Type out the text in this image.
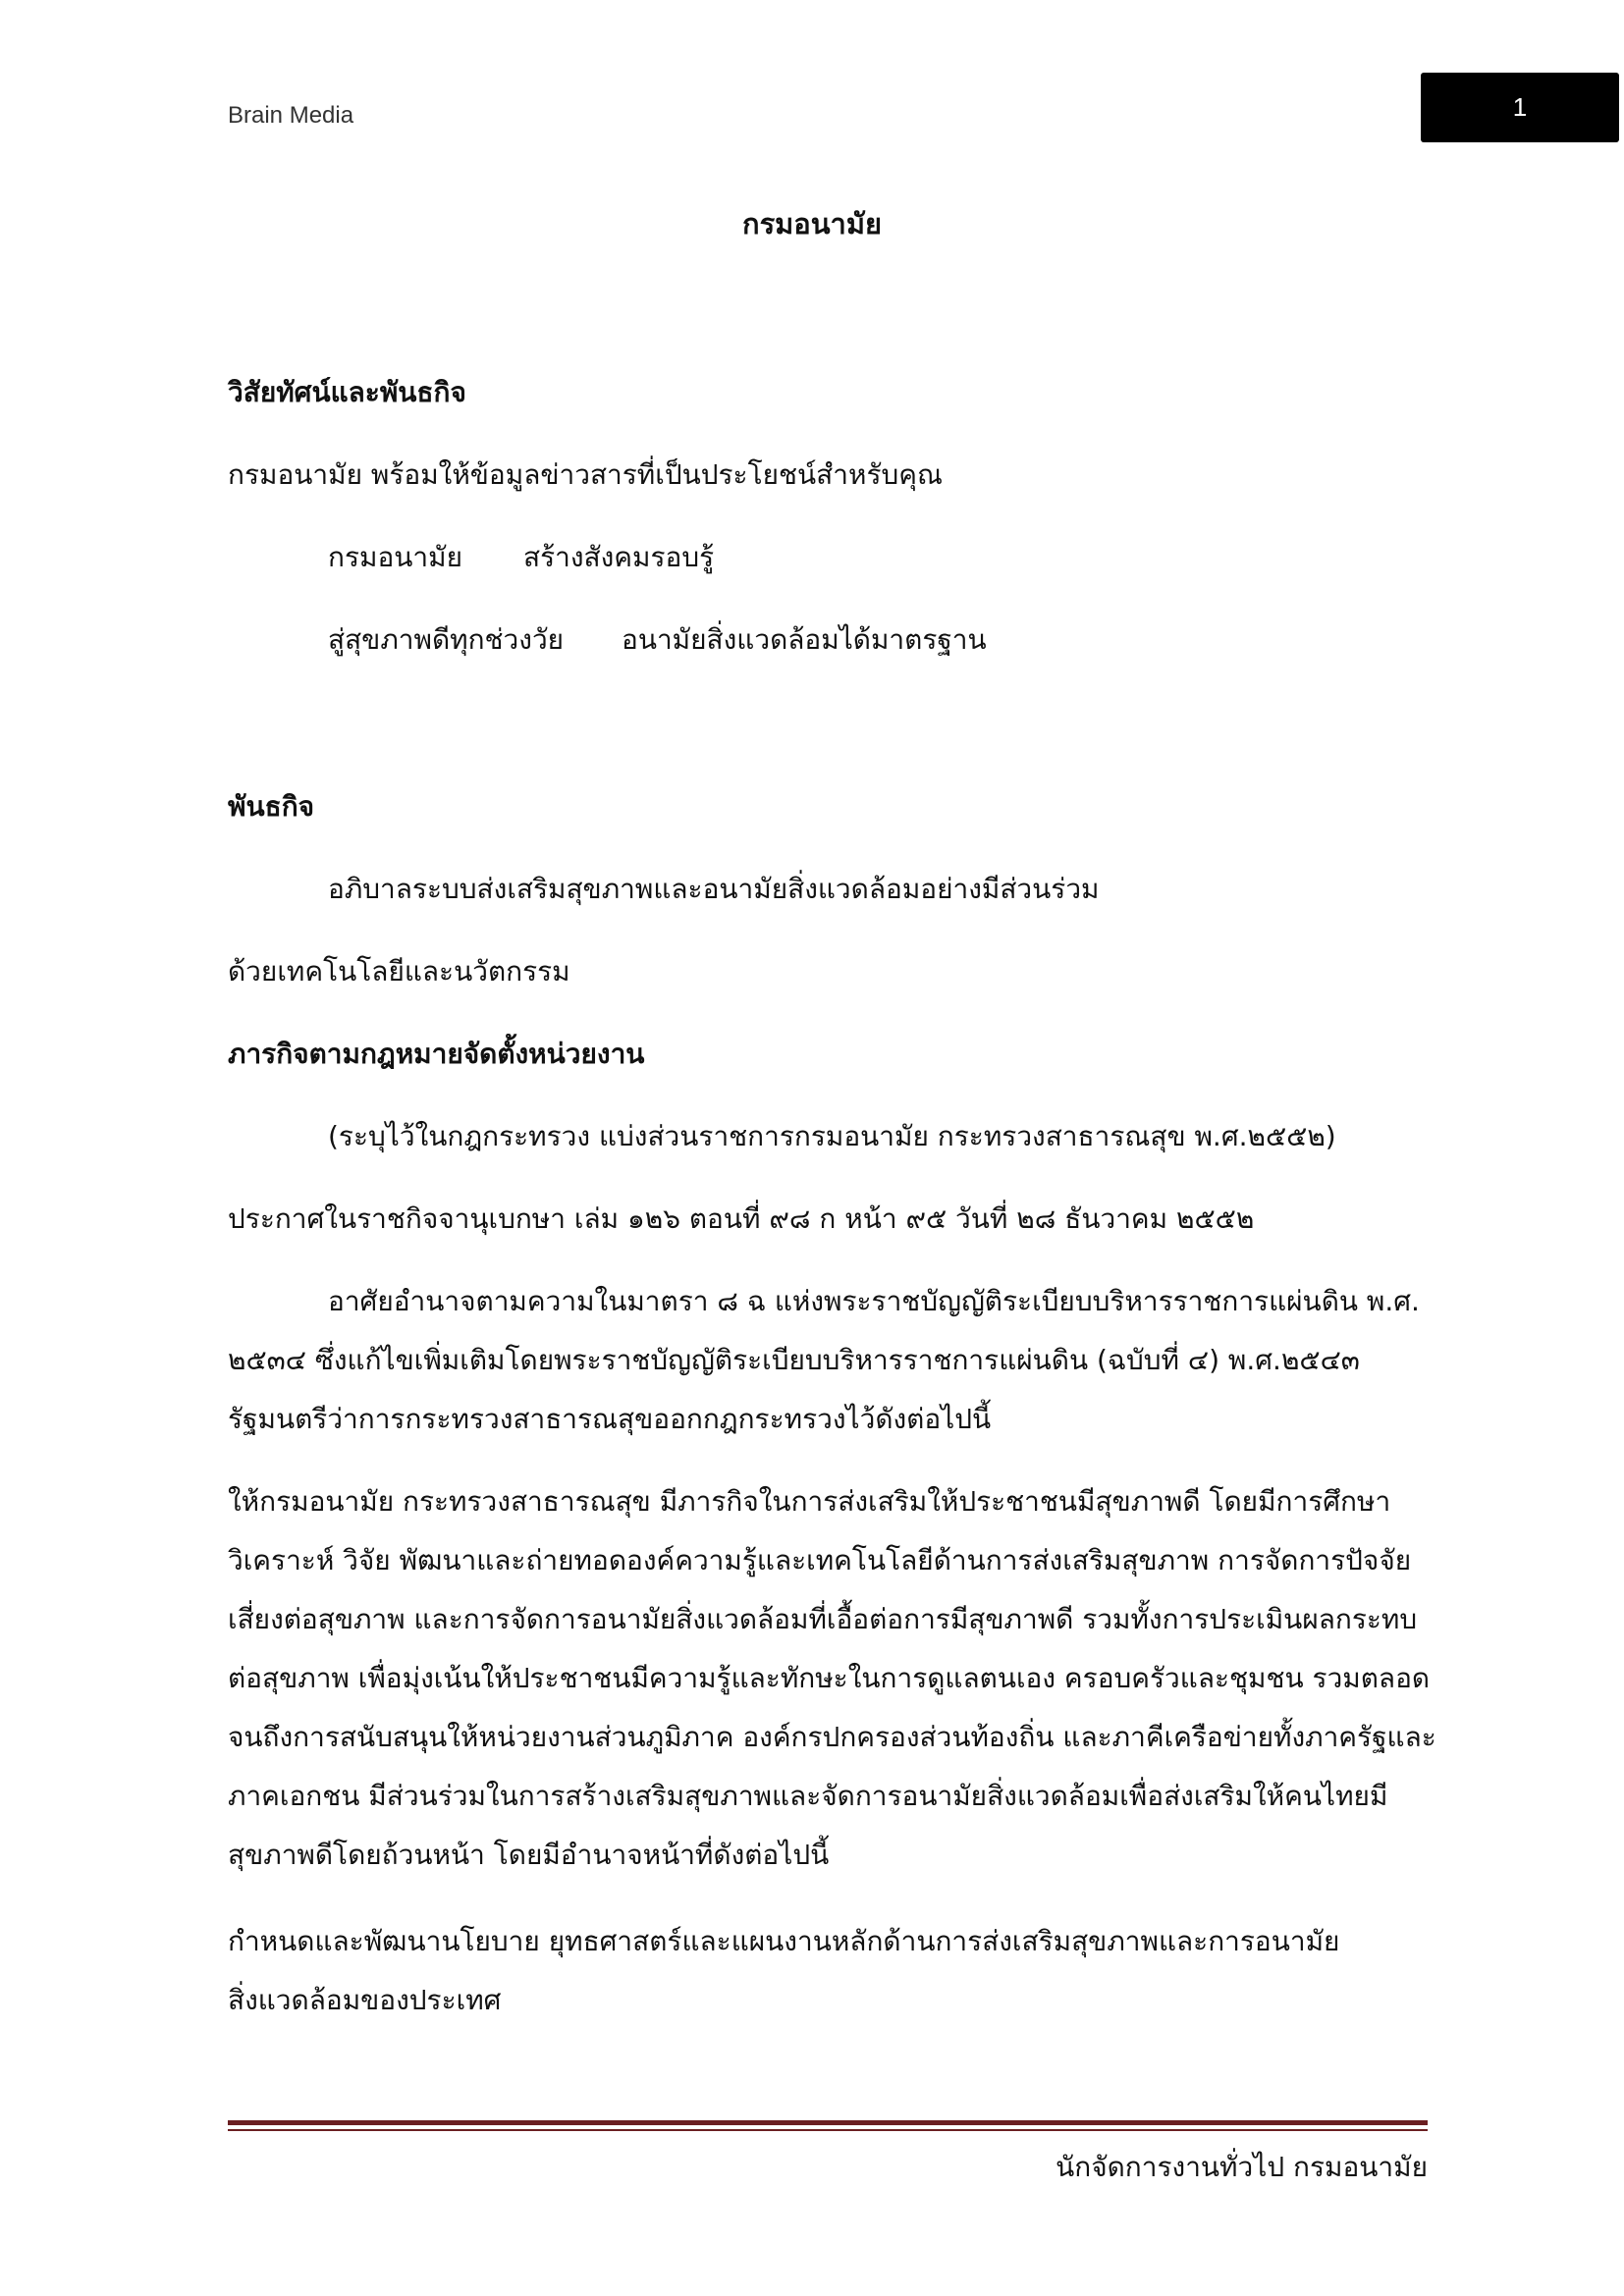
Brain Media	1
กรมอนามัย
วิสัยทัศน์และพันธกิจ
กรมอนามัย พร้อมให้ข้อมูลข่าวสารที่เป็นประโยชน์สำหรับคุณ
กรมอนามัย สร้างสังคมรอบรู้
สู่สุขภาพดีทุกช่วงวัย อนามัยสิ่งแวดล้อมได้มาตรฐาน
พันธกิจ
อภิบาลระบบส่งเสริมสุขภาพและอนามัยสิ่งแวดล้อมอย่างมีส่วนร่วม
ด้วยเทคโนโลยีและนวัตกรรม
ภารกิจตามกฎหมายจัดตั้งหน่วยงาน
(ระบุไว้ในกฎกระทรวง แบ่งส่วนราชการกรมอนามัย กระทรวงสาธารณสุข พ.ศ.๒๕๕๒)
ประกาศในราชกิจจานุเบกษา เล่ม ๑๒๖ ตอนที่ ๙๘ ก หน้า ๙๕ วันที่ ๒๘ ธันวาคม ๒๕๕๒
อาศัยอำนาจตามความในมาตรา ๘ ฉ แห่งพระราชบัญญัติระเบียบบริหารราชการแผ่นดิน พ.ศ.
๒๕๓๔ ซึ่งแก้ไขเพิ่มเติมโดยพระราชบัญญัติระเบียบบริหารราชการแผ่นดิน (ฉบับที่ ๔) พ.ศ.๒๕๔๓
รัฐมนตรีว่าการกระทรวงสาธารณสุขออกกฎกระทรวงไว้ดังต่อไปนี้
ให้กรมอนามัย กระทรวงสาธารณสุข มีภารกิจในการส่งเสริมให้ประชาชนมีสุขภาพดี โดยมีการศึกษา
วิเคราะห์ วิจัย พัฒนาและถ่ายทอดองค์ความรู้และเทคโนโลยีด้านการส่งเสริมสุขภาพ การจัดการปัจจัย
เสี่ยงต่อสุขภาพ และการจัดการอนามัยสิ่งแวดล้อมที่เอื้อต่อการมีสุขภาพดี รวมทั้งการประเมินผลกระทบ
ต่อสุขภาพ เพื่อมุ่งเน้นให้ประชาชนมีความรู้และทักษะในการดูแลตนเอง ครอบครัวและชุมชน รวมตลอด
จนถึงการสนับสนุนให้หน่วยงานส่วนภูมิภาค องค์กรปกครองส่วนท้องถิ่น และภาคีเครือข่ายทั้งภาครัฐและ
ภาคเอกชน มีส่วนร่วมในการสร้างเสริมสุขภาพและจัดการอนามัยสิ่งแวดล้อมเพื่อส่งเสริมให้คนไทยมี
สุขภาพดีโดยถ้วนหน้า โดยมีอำนาจหน้าที่ดังต่อไปนี้
กำหนดและพัฒนานโยบาย ยุทธศาสตร์และแผนงานหลักด้านการส่งเสริมสุขภาพและการอนามัย
สิ่งแวดล้อมของประเทศ
นักจัดการงานทั่วไป กรมอนามัย
